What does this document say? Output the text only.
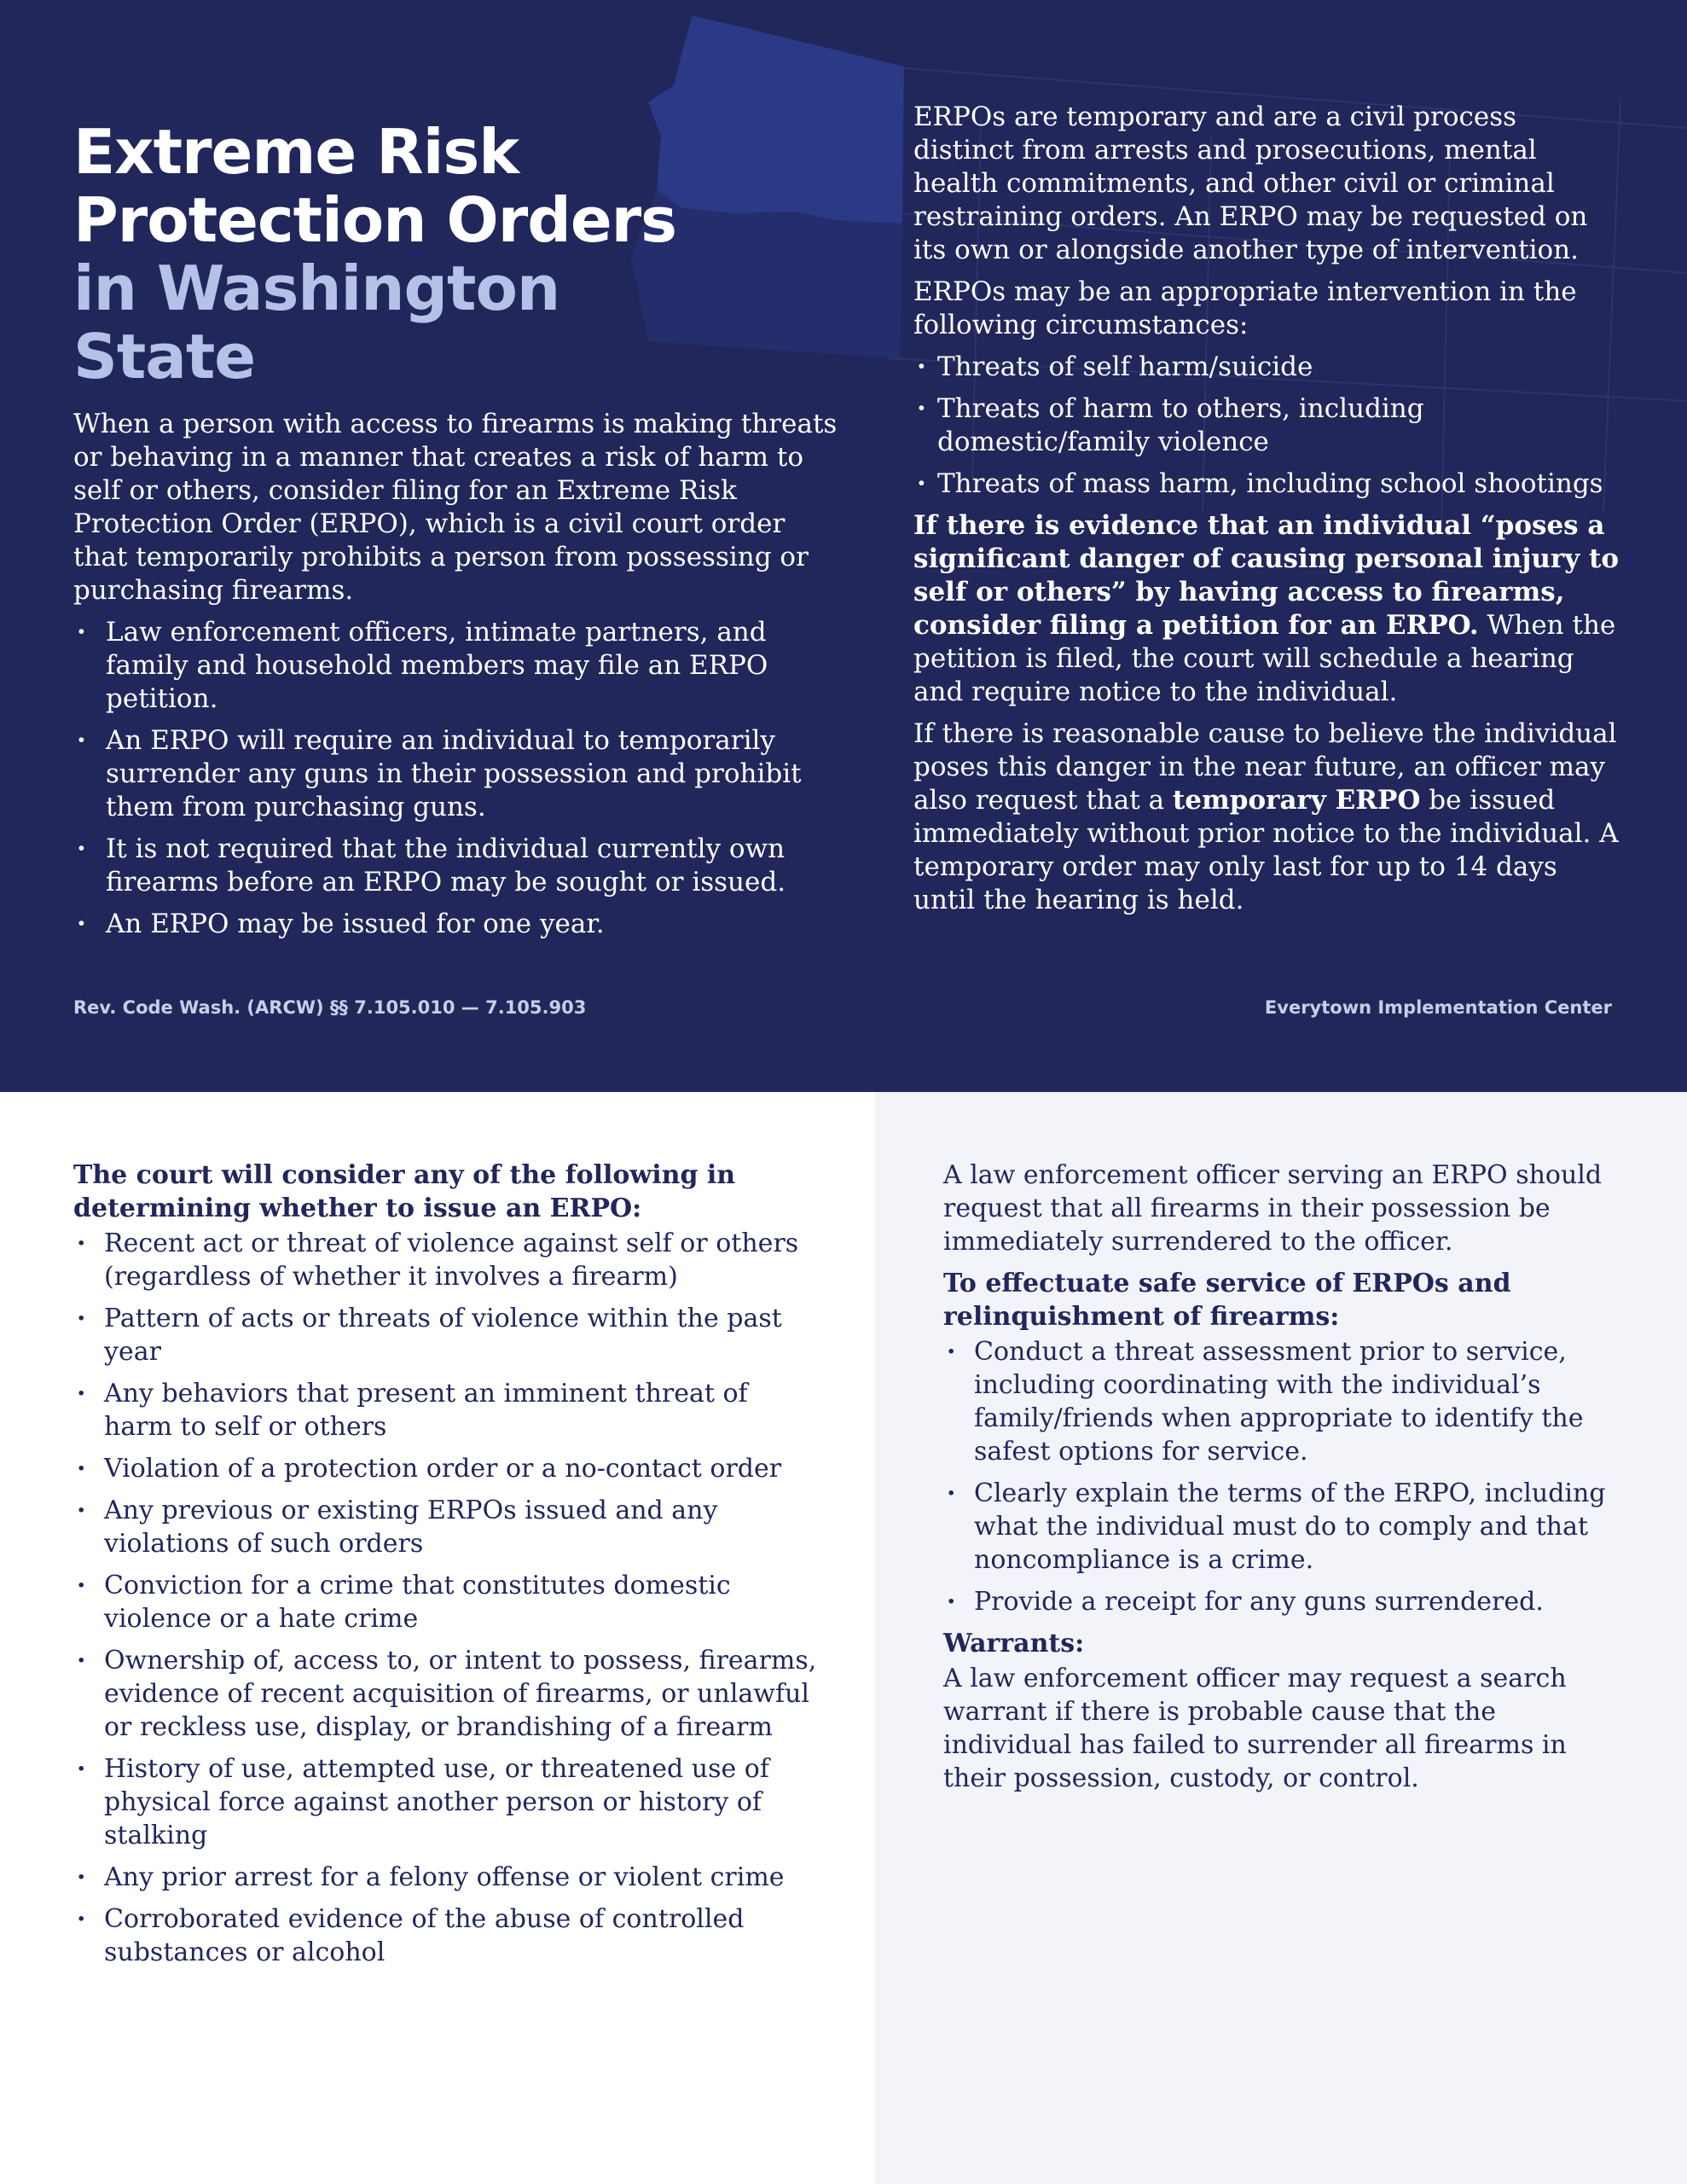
Extreme Risk
Protection Orders
in Washington
State

When a person with access to firearms is making threats or behaving in a manner that creates a risk of harm to self or others, consider filing for an Extreme Risk Protection Order (ERPO), which is a civil court order that temporarily prohibits a person from possessing or purchasing firearms.

· Law enforcement officers, intimate partners, and family and household members may file an ERPO petition.
· An ERPO will require an individual to temporarily surrender any guns in their possession and prohibit them from purchasing guns.
· It is not required that the individual currently own firearms before an ERPO may be sought or issued.
· An ERPO may be issued for one year.

ERPOs are temporary and are a civil process distinct from arrests and prosecutions, mental health commitments, and other civil or criminal restraining orders. An ERPO may be requested on its own or alongside another type of intervention.

ERPOs may be an appropriate intervention in the following circumstances:

· Threats of self harm/suicide
· Threats of harm to others, including domestic/family violence
· Threats of mass harm, including school shootings

If there is evidence that an individual “poses a significant danger of causing personal injury to self or others” by having access to firearms, consider filing a petition for an ERPO. When the petition is filed, the court will schedule a hearing and require notice to the individual.

If there is reasonable cause to believe the individual poses this danger in the near future, an officer may also request that a temporary ERPO be issued immediately without prior notice to the individual. A temporary order may only last for up to 14 days until the hearing is held.

Rev. Code Wash. (ARCW) §§ 7.105.010 — 7.105.903	Everytown Implementation Center

The court will consider any of the following in determining whether to issue an ERPO:

· Recent act or threat of violence against self or others (regardless of whether it involves a firearm)
· Pattern of acts or threats of violence within the past year
· Any behaviors that present an imminent threat of harm to self or others
· Violation of a protection order or a no-contact order
· Any previous or existing ERPOs issued and any violations of such orders
· Conviction for a crime that constitutes domestic violence or a hate crime
· Ownership of, access to, or intent to possess, firearms, evidence of recent acquisition of firearms, or unlawful or reckless use, display, or brandishing of a firearm
· History of use, attempted use, or threatened use of physical force against another person or history of stalking
· Any prior arrest for a felony offense or violent crime
· Corroborated evidence of the abuse of controlled substances or alcohol

A law enforcement officer serving an ERPO should request that all firearms in their possession be immediately surrendered to the officer.

To effectuate safe service of ERPOs and relinquishment of firearms:

· Conduct a threat assessment prior to service, including coordinating with the individual’s family/friends when appropriate to identify the safest options for service.
· Clearly explain the terms of the ERPO, including what the individual must do to comply and that noncompliance is a crime.
· Provide a receipt for any guns surrendered.

Warrants:

A law enforcement officer may request a search warrant if there is probable cause that the individual has failed to surrender all firearms in their possession, custody, or control.
